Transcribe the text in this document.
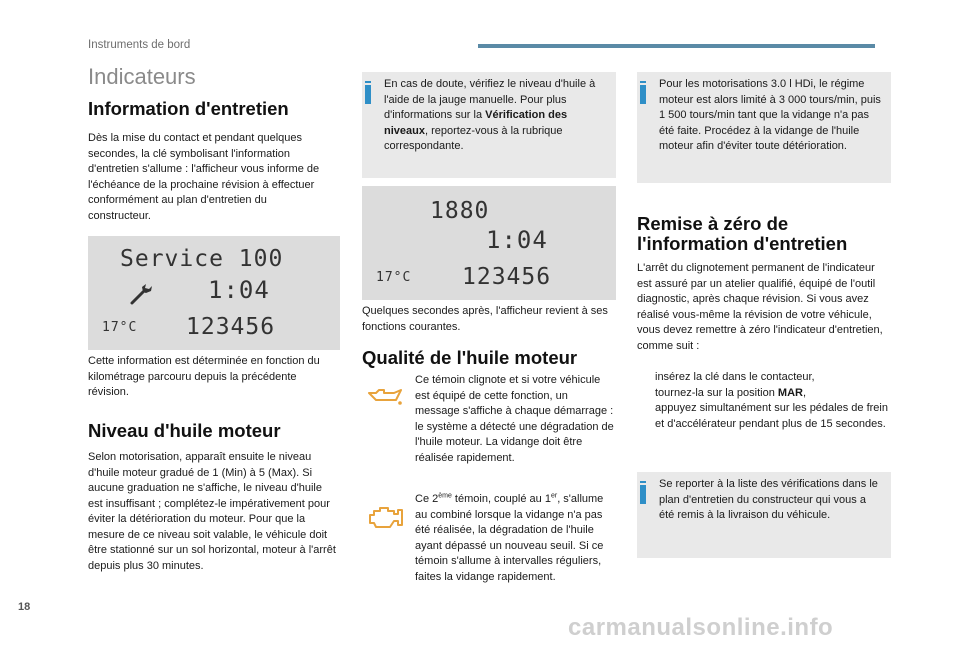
Instruments de bord
18
Indicateurs
Information d'entretien
Dès la mise du contact et pendant quelques secondes, la clé symbolisant l'information d'entretien s'allume : l'afficheur vous informe de l'échéance de la prochaine révision à effectuer conformément au plan d'entretien du constructeur.
Service 100
1:04
17°C 123456
Cette information est déterminée en fonction du kilométrage parcouru depuis la précédente révision.
Niveau d'huile moteur
Selon motorisation, apparaît ensuite le niveau d'huile moteur gradué de 1 (Min) à 5 (Max). Si aucune graduation ne s'affiche, le niveau d'huile est insuffisant ; complétez-le impérativement pour éviter la détérioration du moteur. Pour que la mesure de ce niveau soit valable, le véhicule doit être stationné sur un sol horizontal, moteur à l'arrêt depuis plus 30 minutes.
En cas de doute, vérifiez le niveau d'huile à l'aide de la jauge manuelle. Pour plus d'informations sur la Vérification des niveaux, reportez-vous à la rubrique correspondante.
1880
1:04
17°C 123456
Quelques secondes après, l'afficheur revient à ses fonctions courantes.
Qualité de l'huile moteur
Ce témoin clignote et si votre véhicule est équipé de cette fonction, un message s'affiche à chaque démarrage : le système a détecté une dégradation de l'huile moteur. La vidange doit être réalisée rapidement.
Ce 2ème témoin, couplé au 1er, s'allume au combiné lorsque la vidange n'a pas été réalisée, la dégradation de l'huile ayant dépassé un nouveau seuil. Si ce témoin s'allume à intervalles réguliers, faites la vidange rapidement.
Pour les motorisations 3.0 l HDi, le régime moteur est alors limité à 3 000 tours/min, puis 1 500 tours/min tant que la vidange n'a pas été faite. Procédez à la vidange de l'huile moteur afin d'éviter toute détérioration.
Remise à zéro de l'information d'entretien
L'arrêt du clignotement permanent de l'indicateur est assuré par un atelier qualifié, équipé de l'outil diagnostic, après chaque révision. Si vous avez réalisé vous-même la révision de votre véhicule, vous devez remettre à zéro l'indicateur d'entretien, comme suit :
insérez la clé dans le contacteur,
tournez-la sur la position MAR,
appuyez simultanément sur les pédales de frein et d'accélérateur pendant plus de 15 secondes.
Se reporter à la liste des vérifications dans le plan d'entretien du constructeur qui vous a été remis à la livraison du véhicule.
carmanualsonline.info
